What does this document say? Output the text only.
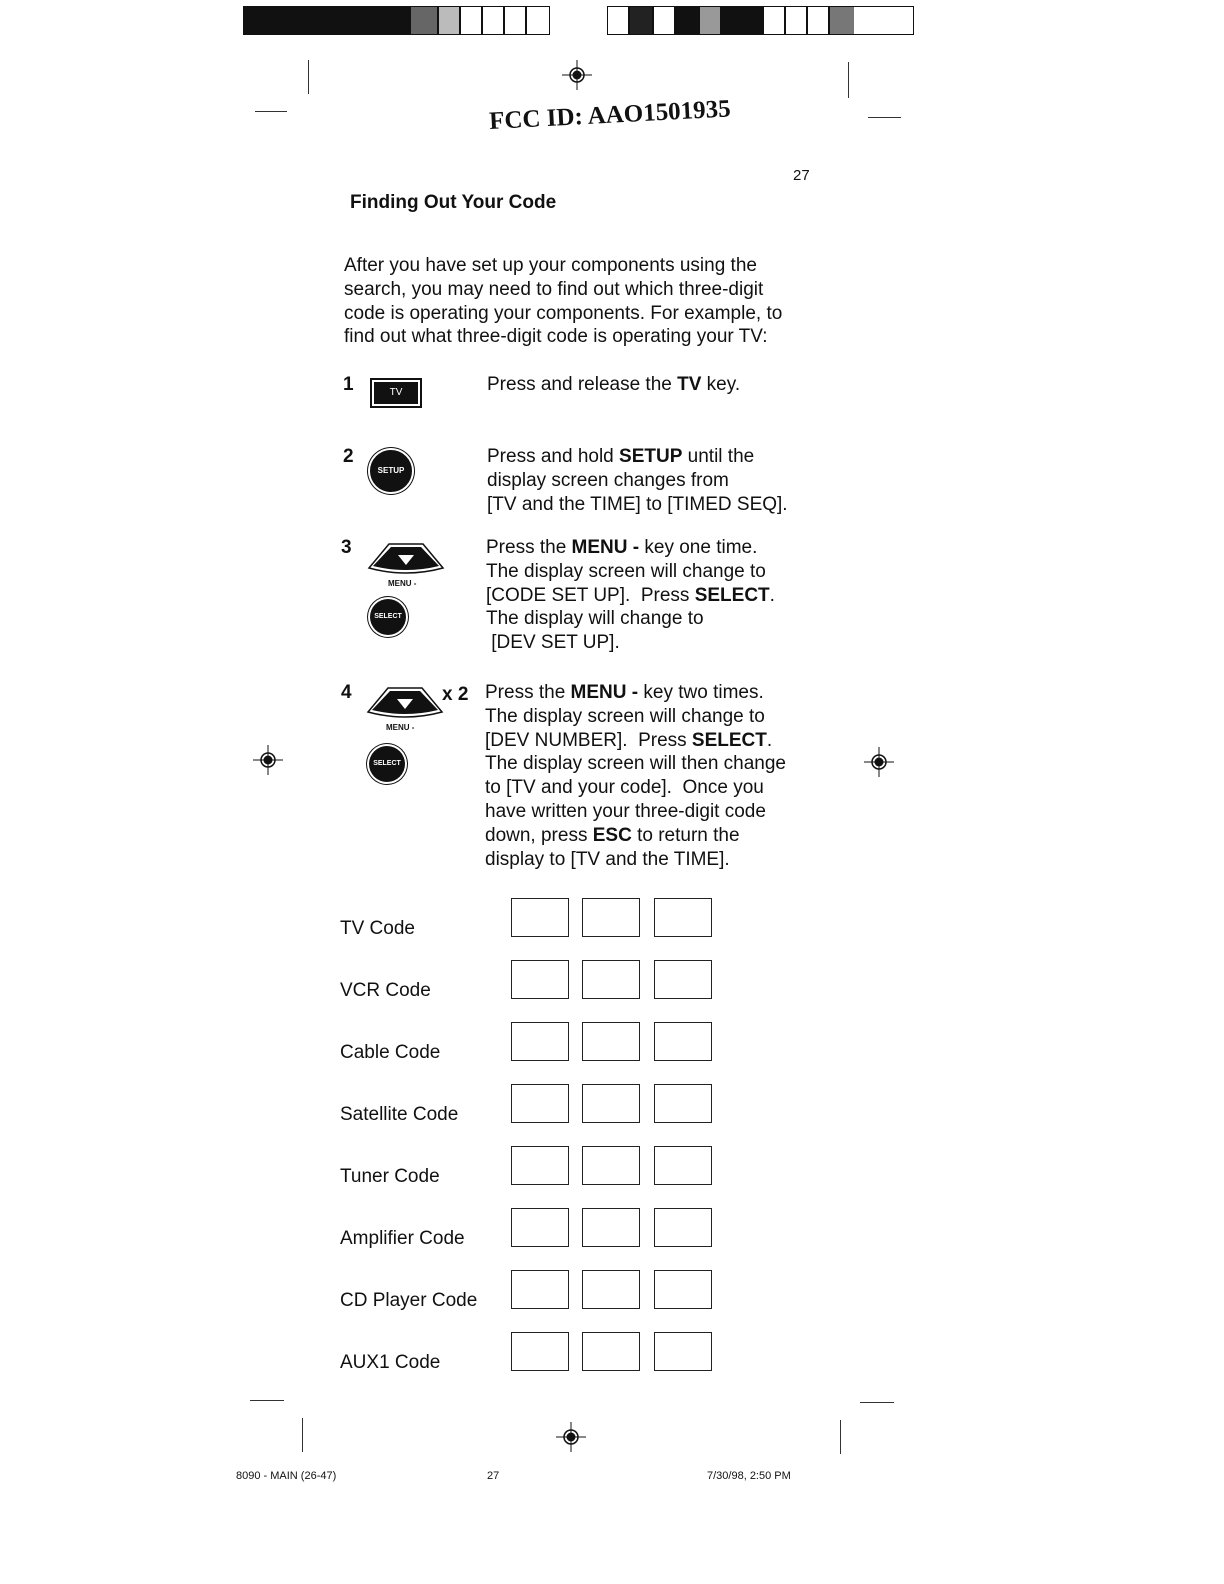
FCC ID: AAO1501935
27
Finding Out Your Code
After you have set up your components using the
search, you may need to find out which three-digit
code is operating your components. For example, to
find out what three-digit code is operating your TV:
1
2
3
4	x 2
TV
SETUP
MENU -
SELECT
MENU -
SELECT
Press and release the TV key.
Press and hold SETUP until the
display screen changes from
[TV and the TIME] to [TIMED SEQ].
Press the MENU - key one time.
The display screen will change to
[CODE SET UP].  Press SELECT.
The display will change to
[DEV SET UP].
Press the MENU - key two times.
The display screen will change to
[DEV NUMBER].  Press SELECT.
The display screen will then change
to [TV and your code].  Once you
have written your three-digit code
down, press ESC to return the
display to [TV and the TIME].
TV Code
VCR Code
Cable Code
Satellite Code
Tuner Code
Amplifier Code
CD Player Code
AUX1 Code
8090 - MAIN (26-47)	27	7/30/98, 2:50 PM
